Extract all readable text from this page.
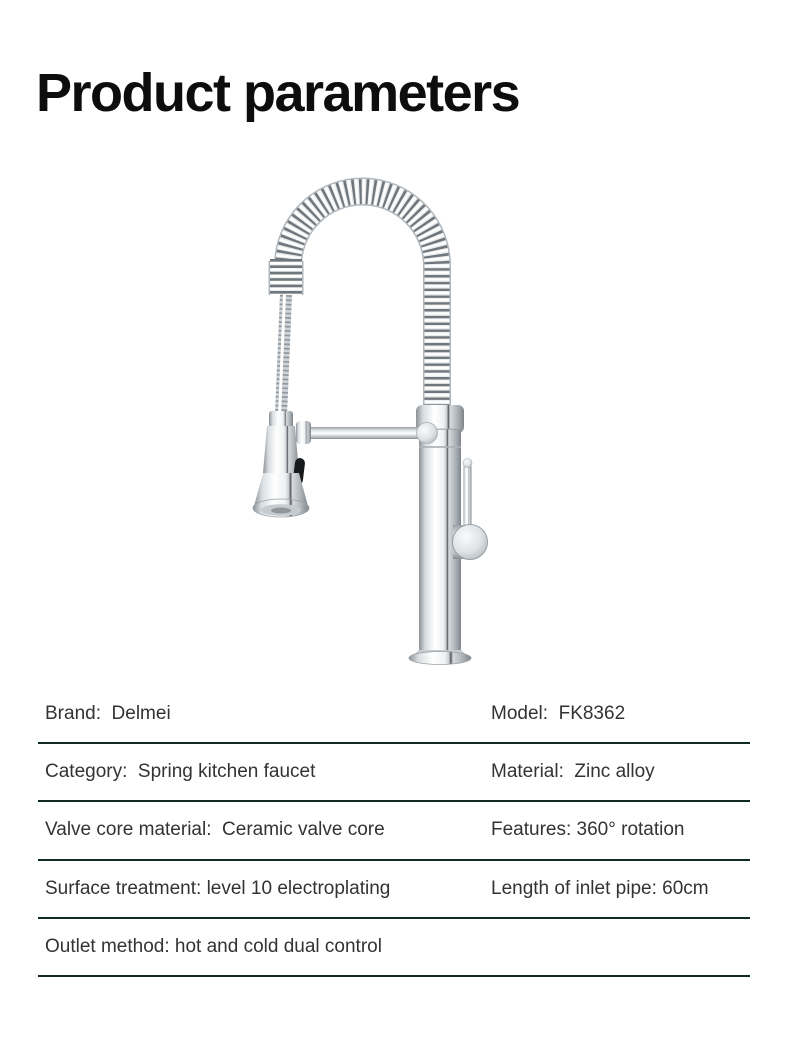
Product parameters
Brand:  Delmei	Model:  FK8362
Category:  Spring kitchen faucet	Material:  Zinc alloy
Valve core material:  Ceramic valve core	Features: 360° rotation
Surface treatment: level 10 electroplating	Length of inlet pipe: 60cm
Outlet method: hot and cold dual control
